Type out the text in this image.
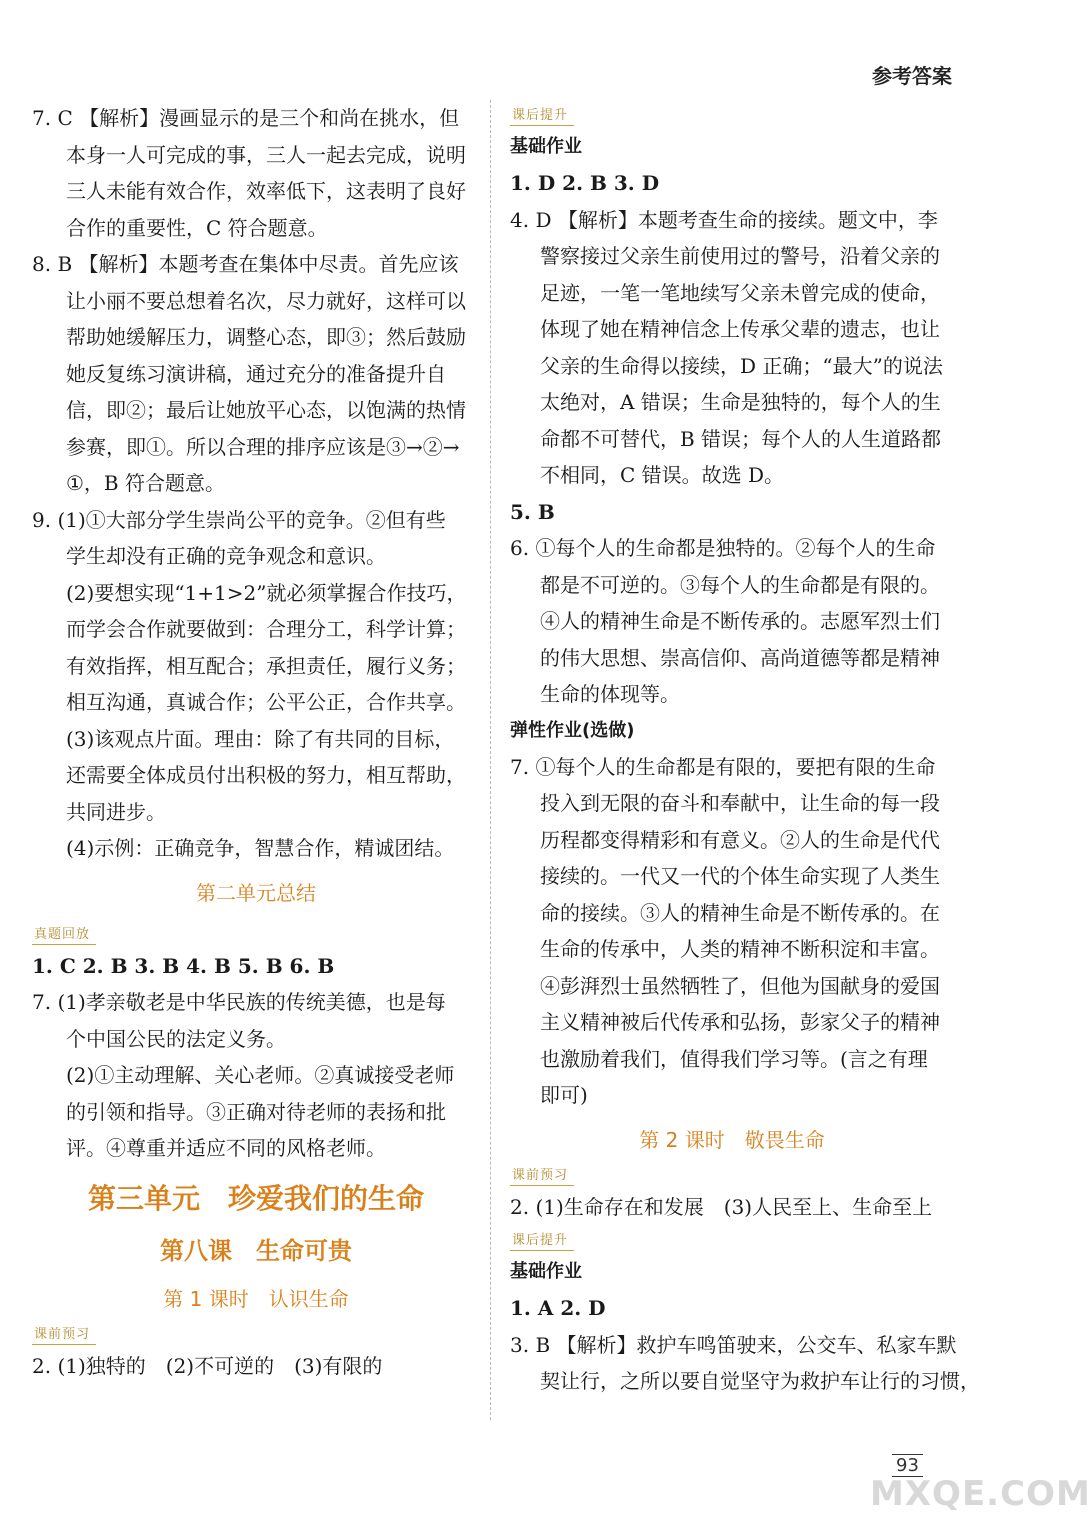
参考答案
7. C 【解析】漫画显示的是三个和尚在挑水，但
本身一人可完成的事，三人一起去完成，说明
三人未能有效合作，效率低下，这表明了良好
合作的重要性，C 符合题意。
8. B 【解析】本题考查在集体中尽责。首先应该
让小丽不要总想着名次，尽力就好，这样可以
帮助她缓解压力，调整心态，即③；然后鼓励
她反复练习演讲稿，通过充分的准备提升自
信，即②；最后让她放平心态，以饱满的热情
参赛，即①。所以合理的排序应该是③→②→
①，B 符合题意。
9. (1)①大部分学生崇尚公平的竞争。②但有些
学生却没有正确的竞争观念和意识。
(2)要想实现“1+1>2”就必须掌握合作技巧，
而学会合作就要做到：合理分工，科学计算；
有效指挥，相互配合；承担责任，履行义务；
相互沟通，真诚合作；公平公正，合作共享。
(3)该观点片面。理由：除了有共同的目标，
还需要全体成员付出积极的努力，相互帮助，
共同进步。
(4)示例：正确竞争，智慧合作，精诚团结。
第二单元总结
真题回放
1. C 2. B 3. B 4. B 5. B 6. B
7. (1)孝亲敬老是中华民族的传统美德，也是每
个中国公民的法定义务。
(2)①主动理解、关心老师。②真诚接受老师
的引领和指导。③正确对待老师的表扬和批
评。④尊重并适应不同的风格老师。
第三单元　珍爱我们的生命
第八课　生命可贵
第 1 课时　认识生命
课前预习
2. (1)独特的　(2)不可逆的　(3)有限的
课后提升
基础作业
1. D 2. B 3. D
4. D 【解析】本题考查生命的接续。题文中，李
警察接过父亲生前使用过的警号，沿着父亲的
足迹，一笔一笔地续写父亲未曾完成的使命，
体现了她在精神信念上传承父辈的遗志，也让
父亲的生命得以接续，D 正确；“最大”的说法
太绝对，A 错误；生命是独特的，每个人的生
命都不可替代，B 错误；每个人的人生道路都
不相同，C 错误。故选 D。
5. B
6. ①每个人的生命都是独特的。②每个人的生命
都是不可逆的。③每个人的生命都是有限的。
④人的精神生命是不断传承的。志愿军烈士们
的伟大思想、崇高信仰、高尚道德等都是精神
生命的体现等。
弹性作业(选做)
7. ①每个人的生命都是有限的，要把有限的生命
投入到无限的奋斗和奉献中，让生命的每一段
历程都变得精彩和有意义。②人的生命是代代
接续的。一代又一代的个体生命实现了人类生
命的接续。③人的精神生命是不断传承的。在
生命的传承中，人类的精神不断积淀和丰富。
④彭湃烈士虽然牺牲了，但他为国献身的爱国
主义精神被后代传承和弘扬，彭家父子的精神
也激励着我们，值得我们学习等。(言之有理
即可)
第 2 课时　敬畏生命
课前预习
2. (1)生命存在和发展　(3)人民至上、生命至上
课后提升
基础作业
1. A 2. D
3. B 【解析】救护车鸣笛驶来，公交车、私家车默
契让行，之所以要自觉坚守为救护车让行的习惯，
93
MXQE.COM
